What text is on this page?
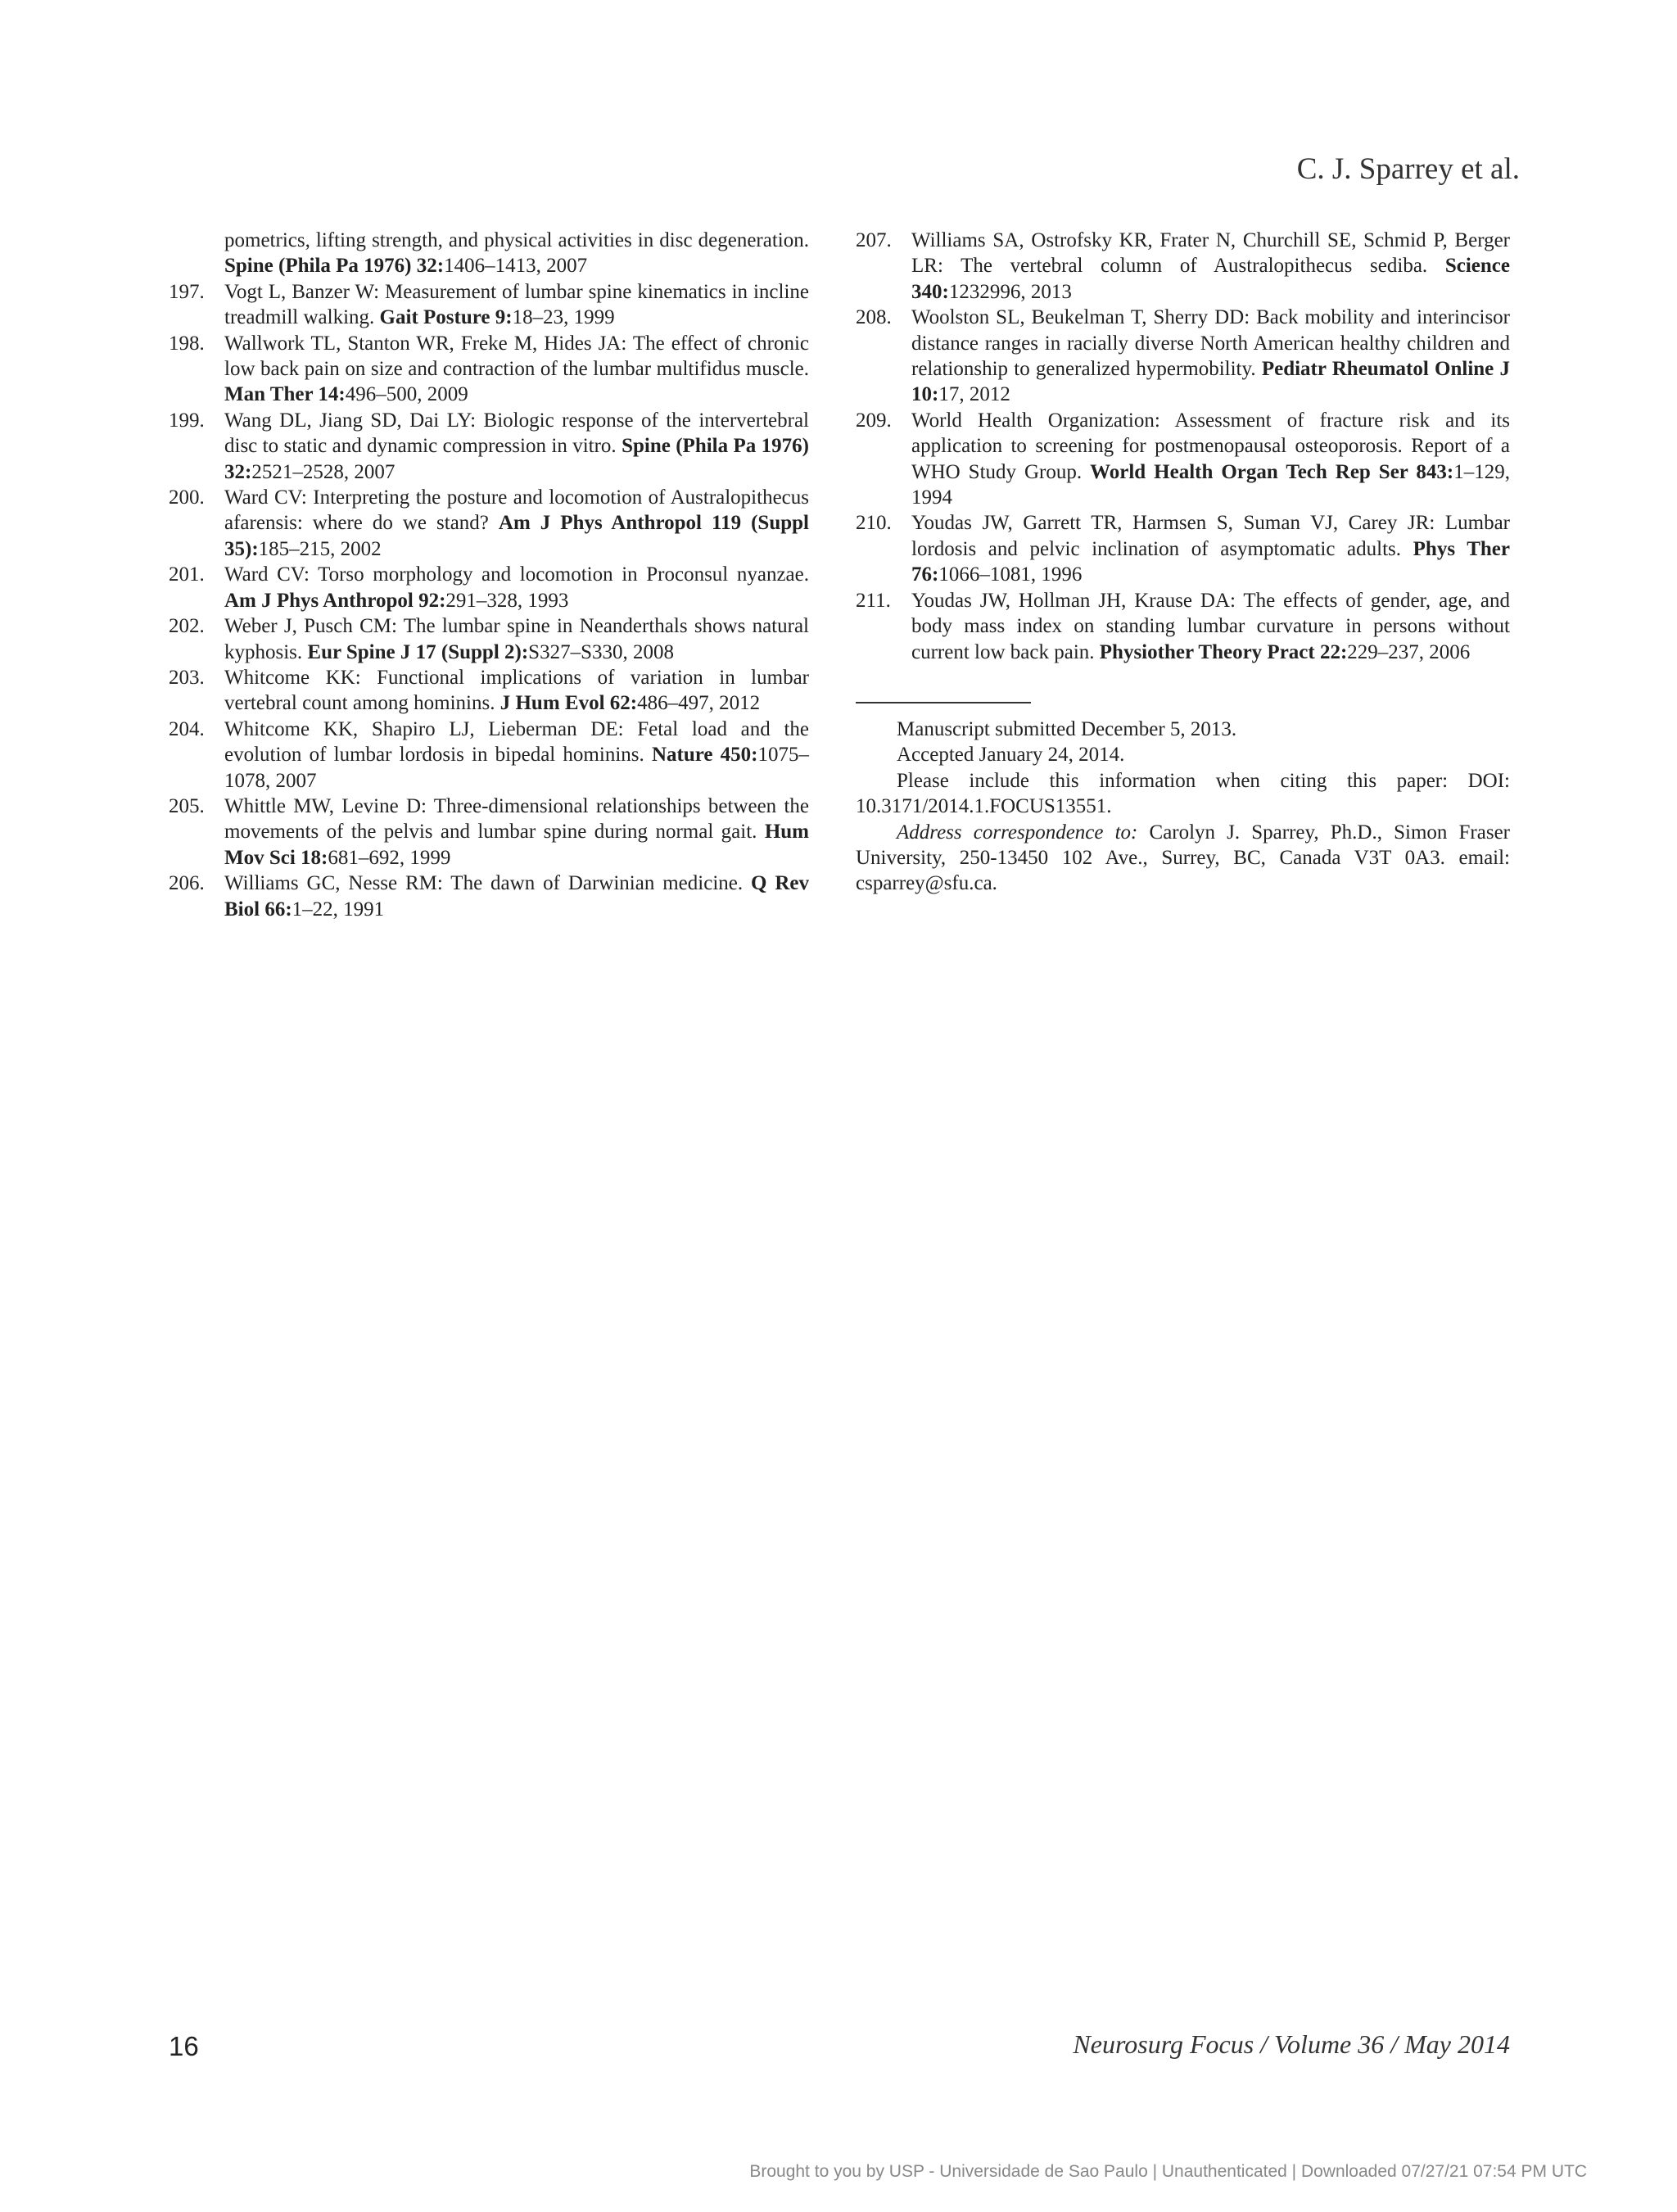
C. J. Sparrey et al.
pometrics, lifting strength, and physical activities in disc degeneration. Spine (Phila Pa 1976) 32:1406–1413, 2007
197. Vogt L, Banzer W: Measurement of lumbar spine kinematics in incline treadmill walking. Gait Posture 9:18–23, 1999
198. Wallwork TL, Stanton WR, Freke M, Hides JA: The effect of chronic low back pain on size and contraction of the lumbar multifidus muscle. Man Ther 14:496–500, 2009
199. Wang DL, Jiang SD, Dai LY: Biologic response of the intervertebral disc to static and dynamic compression in vitro. Spine (Phila Pa 1976) 32:2521–2528, 2007
200. Ward CV: Interpreting the posture and locomotion of Australopithecus afarensis: where do we stand? Am J Phys Anthropol 119 (Suppl 35):185–215, 2002
201. Ward CV: Torso morphology and locomotion in Proconsul nyanzae. Am J Phys Anthropol 92:291–328, 1993
202. Weber J, Pusch CM: The lumbar spine in Neanderthals shows natural kyphosis. Eur Spine J 17 (Suppl 2):S327–S330, 2008
203. Whitcome KK: Functional implications of variation in lumbar vertebral count among hominins. J Hum Evol 62:486–497, 2012
204. Whitcome KK, Shapiro LJ, Lieberman DE: Fetal load and the evolution of lumbar lordosis in bipedal hominins. Nature 450:1075–1078, 2007
205. Whittle MW, Levine D: Three-dimensional relationships between the movements of the pelvis and lumbar spine during normal gait. Hum Mov Sci 18:681–692, 1999
206. Williams GC, Nesse RM: The dawn of Darwinian medicine. Q Rev Biol 66:1–22, 1991
207. Williams SA, Ostrofsky KR, Frater N, Churchill SE, Schmid P, Berger LR: The vertebral column of Australopithecus sediba. Science 340:1232996, 2013
208. Woolston SL, Beukelman T, Sherry DD: Back mobility and interincisor distance ranges in racially diverse North American healthy children and relationship to generalized hypermobility. Pediatr Rheumatol Online J 10:17, 2012
209. World Health Organization: Assessment of fracture risk and its application to screening for postmenopausal osteoporosis. Report of a WHO Study Group. World Health Organ Tech Rep Ser 843:1–129, 1994
210. Youdas JW, Garrett TR, Harmsen S, Suman VJ, Carey JR: Lumbar lordosis and pelvic inclination of asymptomatic adults. Phys Ther 76:1066–1081, 1996
211. Youdas JW, Hollman JH, Krause DA: The effects of gender, age, and body mass index on standing lumbar curvature in persons without current low back pain. Physiother Theory Pract 22:229–237, 2006
Manuscript submitted December 5, 2013.
Accepted January 24, 2014.
Please include this information when citing this paper: DOI: 10.3171/2014.1.FOCUS13551.
Address correspondence to: Carolyn J. Sparrey, Ph.D., Simon Fraser University, 250-13450 102 Ave., Surrey, BC, Canada V3T 0A3. email: csparrey@sfu.ca.
16	Neurosurg Focus / Volume 36 / May 2014
Brought to you by USP - Universidade de Sao Paulo | Unauthenticated | Downloaded 07/27/21 07:54 PM UTC
